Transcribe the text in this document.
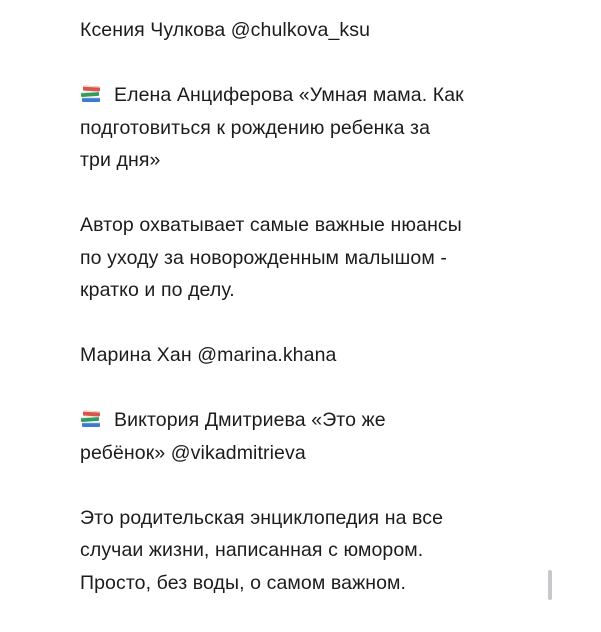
Ксения Чулкова @chulkova_ksu

Елена Анциферова «Умная мама. Как
подготовиться к рождению ребенка за
три дня»

Автор охватывает самые важные нюансы
по уходу за новорожденным малышом -
кратко и по делу.

Марина Хан @marina.khana

Виктория Дмитриева «Это же
ребёнок» @vikadmitrieva

Это родительская энциклопедия на все
случаи жизни, написанная с юмором.
Просто, без воды, о самом важном.
